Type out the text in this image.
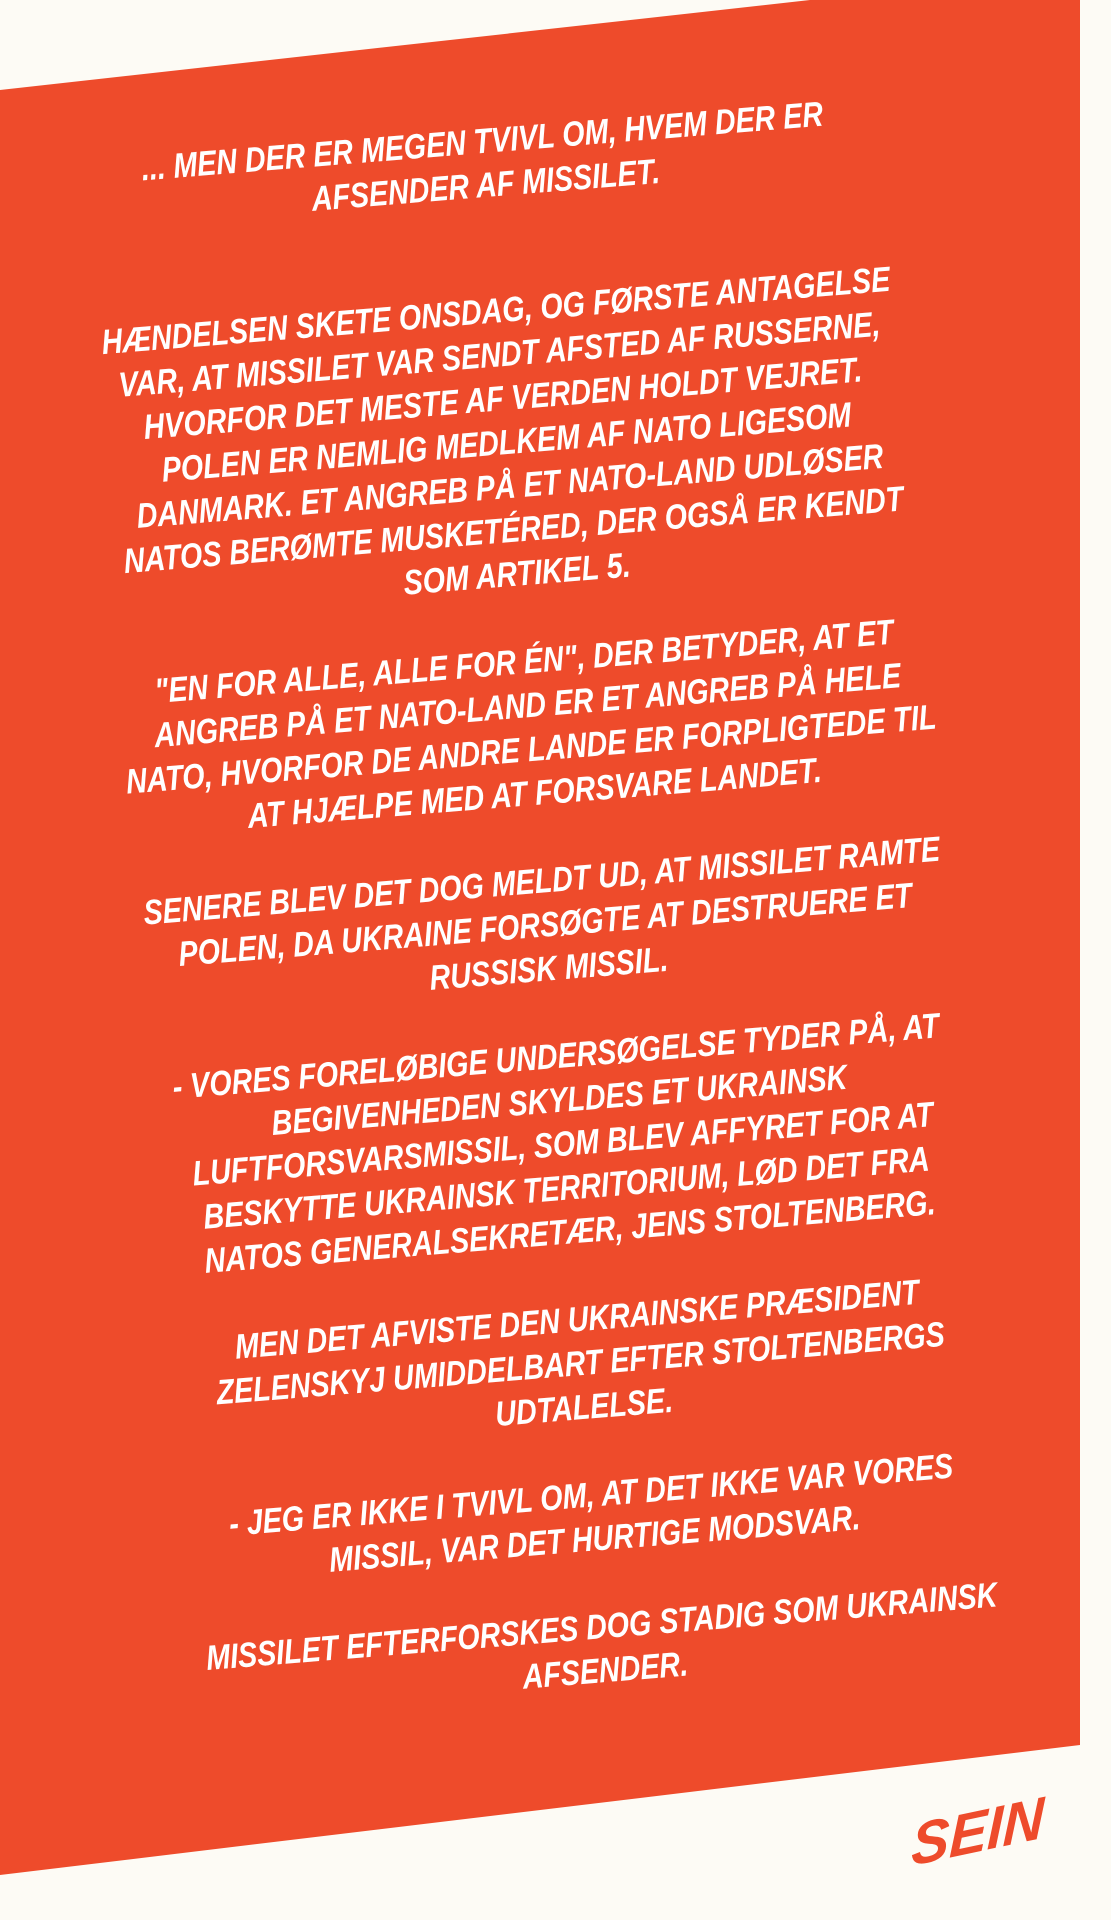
... MEN DER ER MEGEN TVIVL OM, HVEM DER ER AFSENDER AF MISSILET.

HÆNDELSEN SKETE ONSDAG, OG FØRSTE ANTAGELSE VAR, AT MISSILET VAR SENDT AFSTED AF RUSSERNE, HVORFOR DET MESTE AF VERDEN HOLDT VEJRET. POLEN ER NEMLIG MEDLKEM AF NATO LIGESOM DANMARK. ET ANGREB PÅ ET NATO-LAND UDLØSER NATOS BERØMTE MUSKETÉRED, DER OGSÅ ER KENDT SOM ARTIKEL 5.

"EN FOR ALLE, ALLE FOR ÉN", DER BETYDER, AT ET ANGREB PÅ ET NATO-LAND ER ET ANGREB PÅ HELE NATO, HVORFOR DE ANDRE LANDE ER FORPLIGTEDE TIL AT HJÆLPE MED AT FORSVARE LANDET.

SENERE BLEV DET DOG MELDT UD, AT MISSILET RAMTE POLEN, DA UKRAINE FORSØGTE AT DESTRUERE ET RUSSISK MISSIL.

- VORES FORELØBIGE UNDERSØGELSE TYDER PÅ, AT BEGIVENHEDEN SKYLDES ET UKRAINSK LUFTFORSVARSMISSIL, SOM BLEV AFFYRET FOR AT BESKYTTE UKRAINSK TERRITORIUM, LØD DET FRA NATOS GENERALSEKRETÆR, JENS STOLTENBERG.

MEN DET AFVISTE DEN UKRAINSKE PRÆSIDENT ZELENSKYJ UMIDDELBART EFTER STOLTENBERGS UDTALELSE.

- JEG ER IKKE I TVIVL OM, AT DET IKKE VAR VORES MISSIL, VAR DET HURTIGE MODSVAR.

MISSILET EFTERFORSKES DOG STADIG SOM UKRAINSK AFSENDER.

SEIN
